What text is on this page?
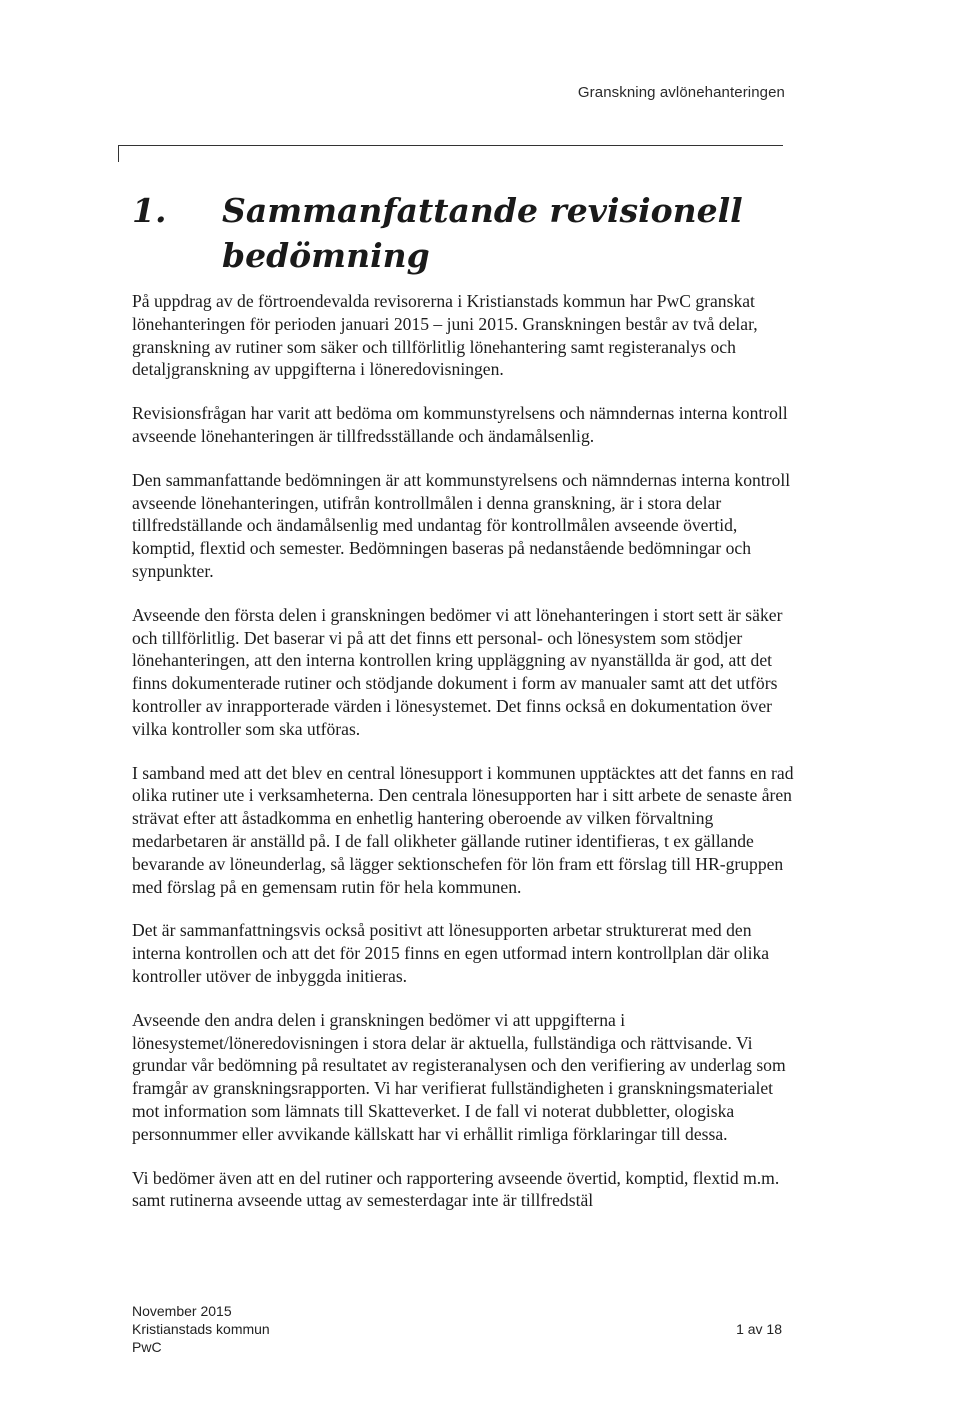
Granskning avlönehanteringen
1. Sammanfattande revisionell bedömning

På uppdrag av de förtroendevalda revisorerna i Kristianstads kommun har PwC granskat lönehanteringen för perioden januari 2015 – juni 2015. Granskningen består av två delar, granskning av rutiner som säker och tillförlitlig lönehantering samt registeranalys och detaljgranskning av uppgifterna i löneredovisningen.

Revisionsfrågan har varit att bedöma om kommunstyrelsens och nämndernas interna kontroll avseende lönehanteringen är tillfredsställande och ändamålsenlig.

Den sammanfattande bedömningen är att kommunstyrelsens och nämndernas interna kontroll avseende lönehanteringen, utifrån kontrollmålen i denna granskning, är i stora delar tillfredställande och ändamålsenlig med undantag för kontrollmålen avseende övertid, komptid, flextid och semester. Bedömningen baseras på nedanstående bedömningar och synpunkter.

Avseende den första delen i granskningen bedömer vi att lönehanteringen i stort sett är säker och tillförlitlig. Det baserar vi på att det finns ett personal- och lönesystem som stödjer lönehanteringen, att den interna kontrollen kring uppläggning av nyanställda är god, att det finns dokumenterade rutiner och stödjande dokument i form av manualer samt att det utförs kontroller av inrapporterade värden i lönesystemet. Det finns också en dokumentation över vilka kontroller som ska utföras.

I samband med att det blev en central lönesupport i kommunen upptäcktes att det fanns en rad olika rutiner ute i verksamheterna. Den centrala lönesupporten har i sitt arbete de senaste åren strävat efter att åstadkomma en enhetlig hantering oberoende av vilken förvaltning medarbetaren är anställd på. I de fall olikheter gällande rutiner identifieras, t ex gällande bevarande av löneunderlag, så lägger sektionschefen för lön fram ett förslag till HR-gruppen med förslag på en gemensam rutin för hela kommunen.

Det är sammanfattningsvis också positivt att lönesupporten arbetar strukturerat med den interna kontrollen och att det för 2015 finns en egen utformad intern kontrollplan där olika kontroller utöver de inbyggda initieras.

Avseende den andra delen i granskningen bedömer vi att uppgifterna i lönesystemet/löneredovisningen i stora delar är aktuella, fullständiga och rättvisande. Vi grundar vår bedömning på resultatet av registeranalysen och den verifiering av underlag som framgår av granskningsrapporten. Vi har verifierat fullständigheten i granskningsmaterialet mot information som lämnats till Skatteverket. I de fall vi noterat dubbletter, ologiska personnummer eller avvikande källskatt har vi erhållit rimliga förklaringar till dessa.

Vi bedömer även att en del rutiner och rapportering avseende övertid, komptid, flextid m.m. samt rutinerna avseende uttag av semesterdagar inte är tillfredstäl

November 2015
Kristianstads kommun
PwC
1 av 18
